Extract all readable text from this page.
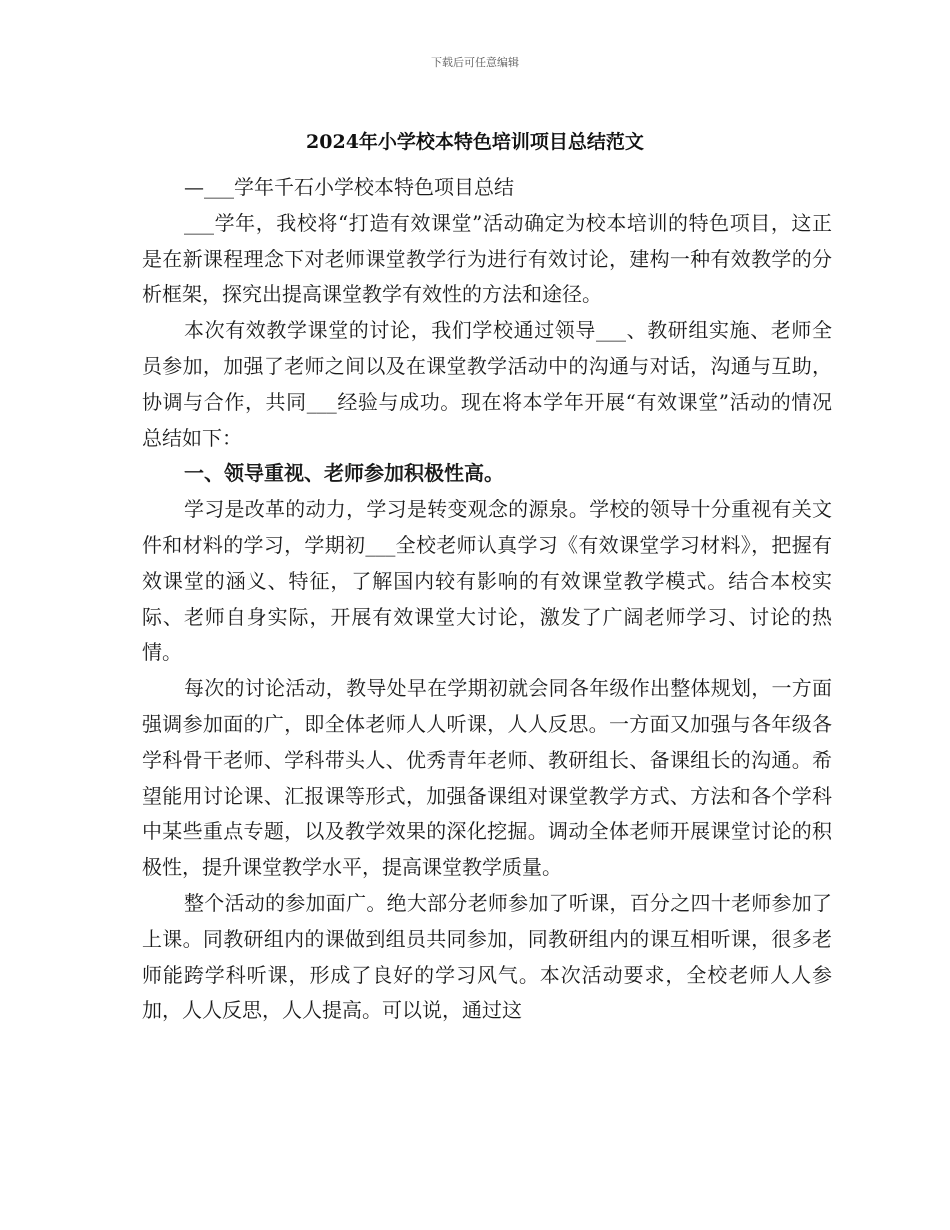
下载后可任意编辑
2024年小学校本特色培训项目总结范文

—___学年千石小学校本特色项目总结

___学年，我校将“打造有效课堂”活动确定为校本培训的特色项目，这正是在新课程理念下对老师课堂教学行为进行有效讨论，建构一种有效教学的分析框架，探究出提高课堂教学有效性的方法和途径。

本次有效教学课堂的讨论，我们学校通过领导___、教研组实施、老师全员参加，加强了老师之间以及在课堂教学活动中的沟通与对话，沟通与互助，协调与合作，共同___经验与成功。现在将本学年开展“有效课堂”活动的情况总结如下：

一、领导重视、老师参加积极性高。

学习是改革的动力，学习是转变观念的源泉。学校的领导十分重视有关文件和材料的学习，学期初___全校老师认真学习《有效课堂学习材料》，把握有效课堂的涵义、特征，了解国内较有影响的有效课堂教学模式。结合本校实际、老师自身实际，开展有效课堂大讨论，激发了广阔老师学习、讨论的热情。

每次的讨论活动，教导处早在学期初就会同各年级作出整体规划，一方面强调参加面的广，即全体老师人人听课，人人反思。一方面又加强与各年级各学科骨干老师、学科带头人、优秀青年老师、教研组长、备课组长的沟通。希望能用讨论课、汇报课等形式，加强备课组对课堂教学方式、方法和各个学科中某些重点专题，以及教学效果的深化挖掘。调动全体老师开展课堂讨论的积极性，提升课堂教学水平，提高课堂教学质量。

整个活动的参加面广。绝大部分老师参加了听课，百分之四十老师参加了上课。同教研组内的课做到组员共同参加，同教研组内的课互相听课，很多老师能跨学科听课，形成了良好的学习风气。本次活动要求，全校老师人人参加，人人反思，人人提高。可以说，通过这
